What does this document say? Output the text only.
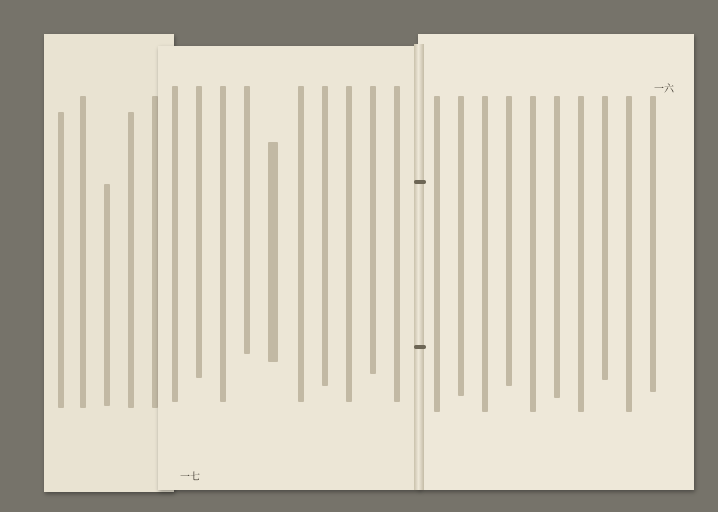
一七
一六
